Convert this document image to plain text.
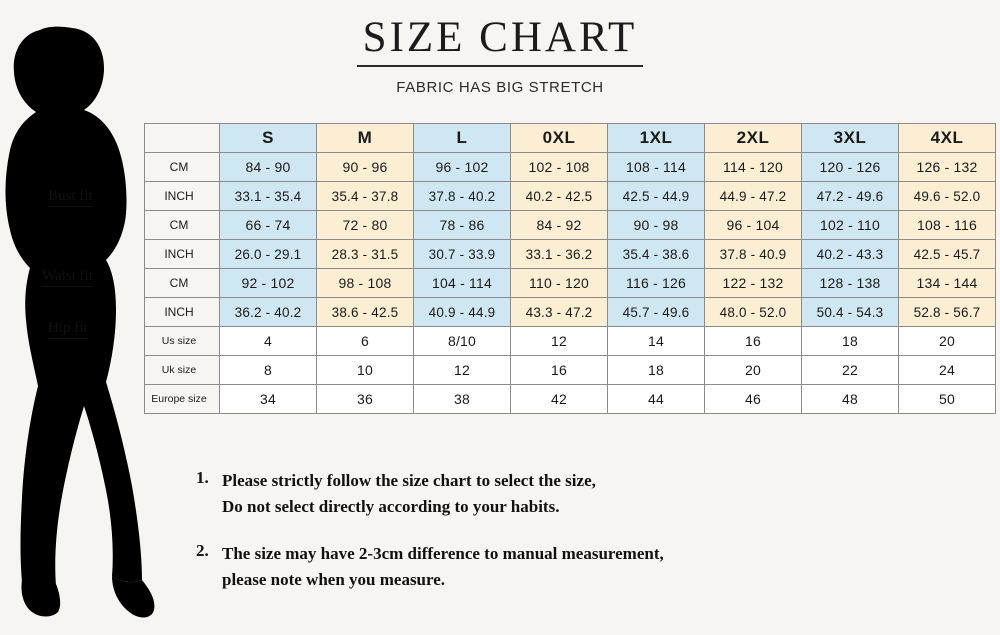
SIZE CHART
FABRIC HAS BIG STRETCH
Bust fit
Waist fit
Hip fit
	S	M	L	0XL	1XL	2XL	3XL	4XL
CM	84 - 90	90 - 96	96 - 102	102 - 108	108 - 114	114 - 120	120 - 126	126 - 132
INCH	33.1 - 35.4	35.4 - 37.8	37.8 - 40.2	40.2 - 42.5	42.5 - 44.9	44.9 - 47.2	47.2 - 49.6	49.6 - 52.0
CM	66 - 74	72 - 80	78 - 86	84 - 92	90 - 98	96 - 104	102 - 110	108 - 116
INCH	26.0 - 29.1	28.3 - 31.5	30.7 - 33.9	33.1 - 36.2	35.4 - 38.6	37.8 - 40.9	40.2 - 43.3	42.5 - 45.7
CM	92 - 102	98 - 108	104 - 114	110 - 120	116 - 126	122 - 132	128 - 138	134 - 144
INCH	36.2 - 40.2	38.6 - 42.5	40.9 - 44.9	43.3 - 47.2	45.7 - 49.6	48.0 - 52.0	50.4 - 54.3	52.8 - 56.7
Us size	4	6	8/10	12	14	16	18	20
Uk size	8	10	12	16	18	20	22	24
Europe size	34	36	38	42	44	46	48	50
1. Please strictly follow the size chart to select the size,
Do not select directly according to your habits.
2. The size may have 2-3cm difference to manual measurement,
please note when you measure.
